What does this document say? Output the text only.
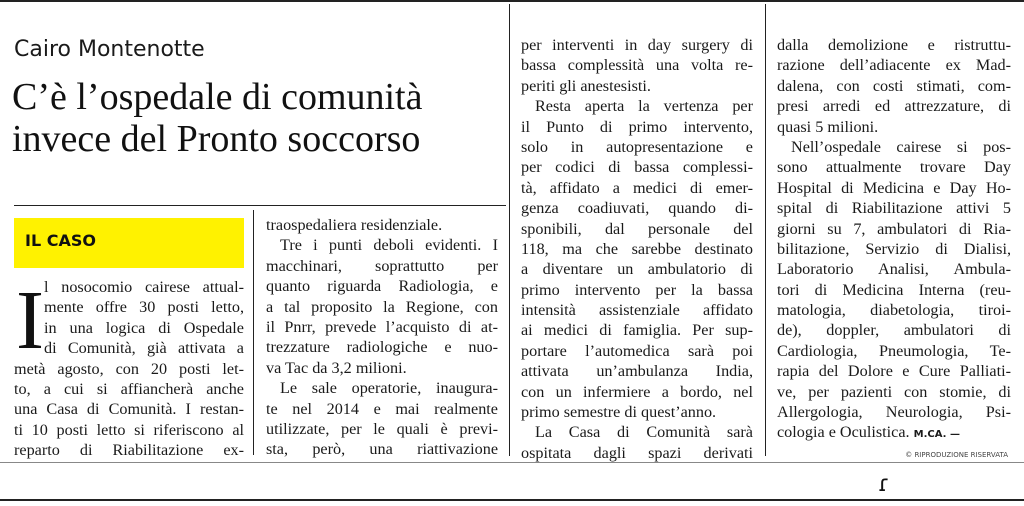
Cairo Montenotte
C’è l’ospedale di comunità
invece del Pronto soccorso
IL CASO
I l nosocomio cairese attual-
mente offre 30 posti letto,
in una logica di Ospedale
di Comunità, già attivata a
metà agosto, con 20 posti let-
to, a cui si affiancherà anche
una Casa di Comunità. I restan-
ti 10 posti letto si riferiscono al
reparto di Riabilitazione ex-
traospedaliera residenziale.
Tre i punti deboli evidenti. I
macchinari, soprattutto per
quanto riguarda Radiologia, e
a tal proposito la Regione, con
il Pnrr, prevede l’acquisto di at-
trezzature radiologiche e nuo-
va Tac da 3,2 milioni.
Le sale operatorie, inaugura-
te nel 2014 e mai realmente
utilizzate, per le quali è previ-
sta, però, una riattivazione
per interventi in day surgery di
bassa complessità una volta re-
periti gli anestesisti.
Resta aperta la vertenza per
il Punto di primo intervento,
solo in autopresentazione e
per codici di bassa complessi-
tà, affidato a medici di emer-
genza coadiuvati, quando di-
sponibili, dal personale del
118, ma che sarebbe destinato
a diventare un ambulatorio di
primo intervento per la bassa
intensità assistenziale affidato
ai medici di famiglia. Per sup-
portare l’automedica sarà poi
attivata un’ambulanza India,
con un infermiere a bordo, nel
primo semestre di quest’anno.
La Casa di Comunità sarà
ospitata dagli spazi derivati
dalla demolizione e ristruttu-
razione dell’adiacente ex Mad-
dalena, con costi stimati, com-
presi arredi ed attrezzature, di
quasi 5 milioni.
Nell’ospedale cairese si pos-
sono attualmente trovare Day
Hospital di Medicina e Day Ho-
spital di Riabilitazione attivi 5
giorni su 7, ambulatori di Ria-
bilitazione, Servizio di Dialisi,
Laboratorio Analisi, Ambula-
tori di Medicina Interna (reu-
matologia, diabetologia, tiroi-
de), doppler, ambulatori di
Cardiologia, Pneumologia, Te-
rapia del Dolore e Cure Palliati-
ve, per pazienti con stomie, di
Allergologia, Neurologia, Psi-
cologia e Oculistica. M.CA. —
© RIPRODUZIONE RISERVATA
ɾ
